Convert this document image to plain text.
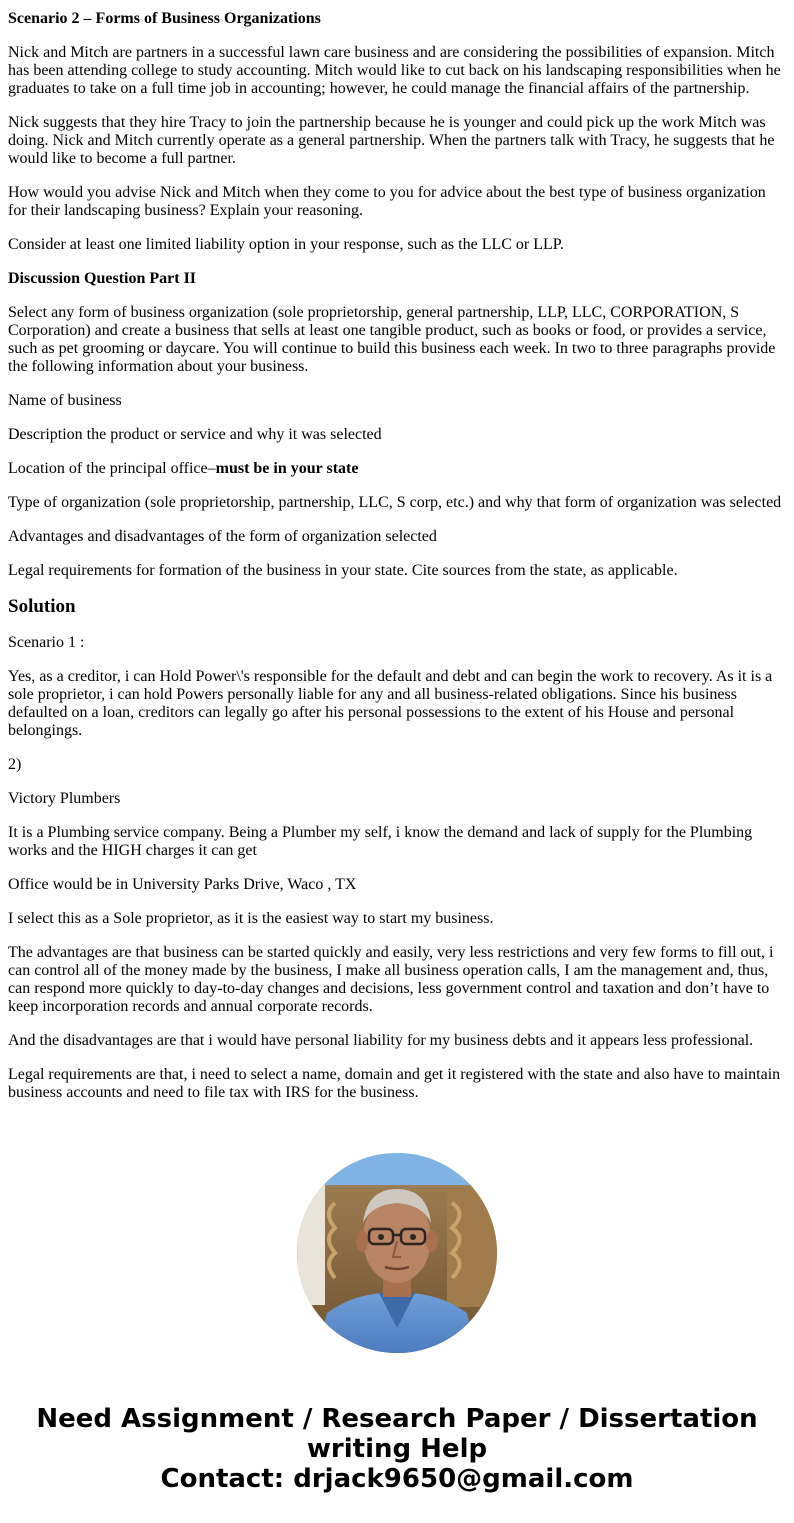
Scenario 2 – Forms of Business Organizations

Nick and Mitch are partners in a successful lawn care business and are considering the possibilities of expansion. Mitch has been attending college to study accounting. Mitch would like to cut back on his landscaping responsibilities when he graduates to take on a full time job in accounting; however, he could manage the financial affairs of the partnership.

Nick suggests that they hire Tracy to join the partnership because he is younger and could pick up the work Mitch was doing. Nick and Mitch currently operate as a general partnership. When the partners talk with Tracy, he suggests that he would like to become a full partner.

How would you advise Nick and Mitch when they come to you for advice about the best type of business organization for their landscaping business? Explain your reasoning.

Consider at least one limited liability option in your response, such as the LLC or LLP.

Discussion Question Part II

Select any form of business organization (sole proprietorship, general partnership, LLP, LLC, CORPORATION, S Corporation) and create a business that sells at least one tangible product, such as books or food, or provides a service, such as pet grooming or daycare. You will continue to build this business each week. In two to three paragraphs provide the following information about your business.

Name of business

Description the product or service and why it was selected

Location of the principal office–must be in your state

Type of organization (sole proprietorship, partnership, LLC, S corp, etc.) and why that form of organization was selected

Advantages and disadvantages of the form of organization selected

Legal requirements for formation of the business in your state. Cite sources from the state, as applicable.

Solution

Scenario 1 :

Yes, as a creditor, i can Hold Power\'s responsible for the default and debt and can begin the work to recovery. As it is a sole proprietor, i can hold Powers personally liable for any and all business-related obligations. Since his business defaulted on a loan, creditors can legally go after his personal possessions to the extent of his House and personal belongings.

2)

Victory Plumbers

It is a Plumbing service company. Being a Plumber my self, i know the demand and lack of supply for the Plumbing works and the HIGH charges it can get

Office would be in University Parks Drive, Waco , TX

I select this as a Sole proprietor, as it is the easiest way to start my business.

The advantages are that business can be started quickly and easily, very less restrictions and very few forms to fill out, i can control all of the money made by the business, I make all business operation calls, I am the management and, thus, can respond more quickly to day-to-day changes and decisions, less government control and taxation and don’t have to keep incorporation records and annual corporate records.

And the disadvantages are that i would have personal liability for my business debts and it appears less professional.

Legal requirements are that, i need to select a name, domain and get it registered with the state and also have to maintain business accounts and need to file tax with IRS for the business.

Need Assignment / Research Paper / Dissertation
writing Help
Contact: drjack9650@gmail.com
